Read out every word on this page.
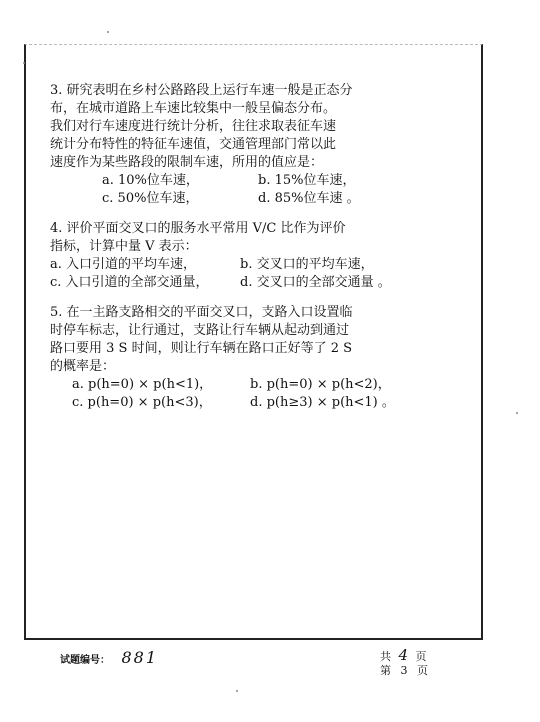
3. 研究表明在乡村公路路段上运行车速一般是正态分

布，在城市道路上车速比较集中一般呈偏态分布。

我们对行车速度进行统计分析，往往求取表征车速

统计分布特性的特征车速值，交通管理部门常以此

速度作为某些路段的限制车速，所用的值应是：

a. 10%位车速，	b. 15%位车速，
c. 50%位车速，	d. 85%位车速 。

4. 评价平面交叉口的服务水平常用 V/C 比作为评价

指标，计算中量 V 表示：

a. 入口引道的平均车速，	b. 交叉口的平均车速，
c. 入口引道的全部交通量，	d. 交叉口的全部交通量 。

5. 在一主路支路相交的平面交叉口，支路入口设置临

时停车标志，让行通过，支路让行车辆从起动到通过

路口要用 3 S 时间，则让行车辆在路口正好等了 2 S

的概率是：

a. p(h=0) × p(h<1)，	b. p(h=0) × p(h<2)，
c. p(h=0) × p(h<3)，	d. p(h≥3) × p(h<1) 。
试题编号： 881	共 4 页
第 3 页
